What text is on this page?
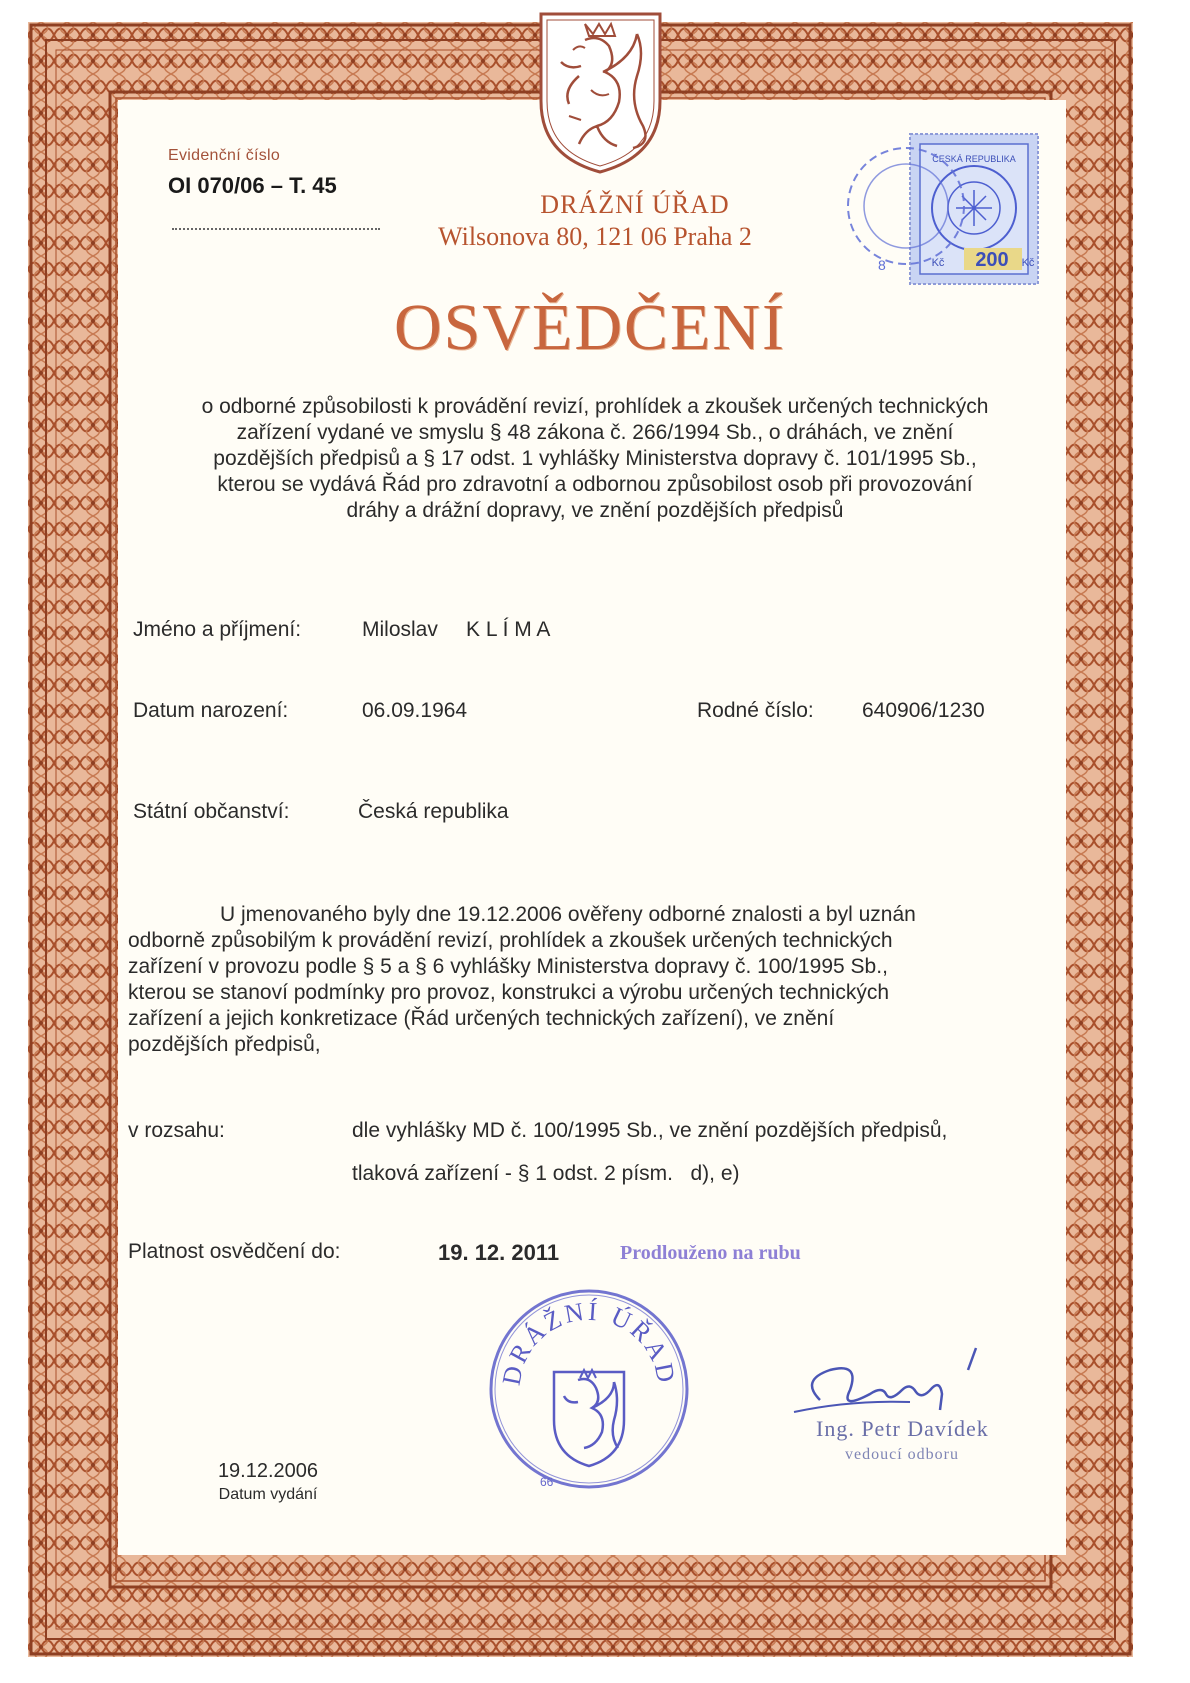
Evidenční číslo
OI 070/06 – T. 45
DRÁŽNÍ ÚŘAD
Wilsonova 80, 121 06 Praha 2
ČESKÁ REPUBLIKA
200
Kč	Kč
8
OSVĚDČENÍ
o odborné způsobilosti k provádění revizí, prohlídek a zkoušek určených technických
zařízení vydané ve smyslu § 48 zákona č. 266/1994 Sb., o dráhách, ve znění
pozdějších předpisů a § 17 odst. 1 vyhlášky Ministerstva dopravy č. 101/1995 Sb.,
kterou se vydává Řád pro zdravotní a odbornou způsobilost osob při provozování
dráhy a drážní dopravy, ve znění pozdějších předpisů
Jméno a příjmení:	Miloslav K L Í M A
Datum narození:	06.09.1964	Rodné číslo: 640906/1230
Státní občanství:	Česká republika
U jmenovaného byly dne 19.12.2006 ověřeny odborné znalosti a byl uznán
odborně způsobilým k provádění revizí, prohlídek a zkoušek určených technických
zařízení v provozu podle § 5 a § 6 vyhlášky Ministerstva dopravy č. 100/1995 Sb.,
kterou se stanoví podmínky pro provoz, konstrukci a výrobu určených technických
zařízení a jejich konkretizace (Řád určených technických zařízení), ve znění
pozdějších předpisů,
v rozsahu:	dle vyhlášky MD č. 100/1995 Sb., ve znění pozdějších předpisů,
tlaková zařízení - § 1 odst. 2 písm.   d), e)
Platnost osvědčení do:	19. 12. 2011	Prodlouženo na rubu
DRÁŽNÍ ÚŘAD
66
Ing. Petr Davídek
vedoucí odboru
19.12.2006
Datum vydání
